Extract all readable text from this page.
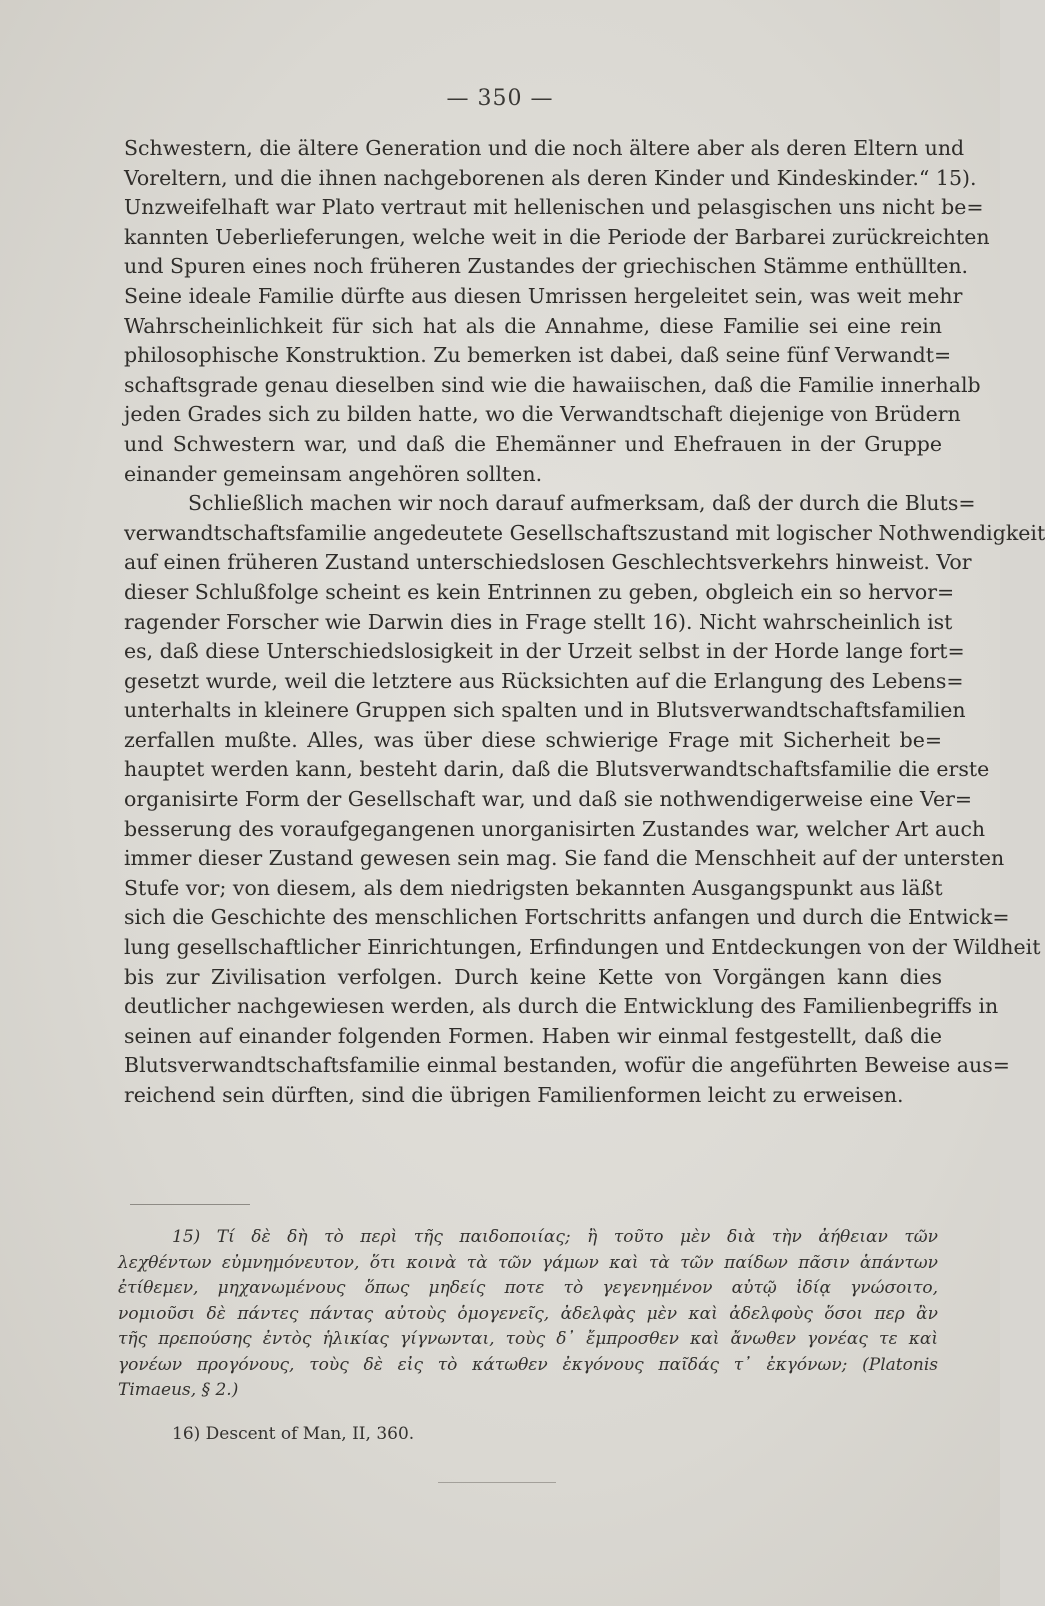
— 350 —
Schwestern, die ältere Generation und die noch ältere aber als deren Eltern und
Voreltern, und die ihnen nachgeborenen als deren Kinder und Kindeskinder.“ 15).
Unzweifelhaft war Plato vertraut mit hellenischen und pelasgischen uns nicht be=
kannten Ueberlieferungen, welche weit in die Periode der Barbarei zurückreichten
und Spuren eines noch früheren Zustandes der griechischen Stämme enthüllten.
Seine ideale Familie dürfte aus diesen Umrissen hergeleitet sein, was weit mehr
Wahrscheinlichkeit für sich hat als die Annahme, diese Familie sei eine rein
philosophische Konstruktion. Zu bemerken ist dabei, daß seine fünf Verwandt=
schaftsgrade genau dieselben sind wie die hawaiischen, daß die Familie innerhalb
jeden Grades sich zu bilden hatte, wo die Verwandtschaft diejenige von Brüdern
und Schwestern war, und daß die Ehemänner und Ehefrauen in der Gruppe
einander gemeinsam angehören sollten.
Schließlich machen wir noch darauf aufmerksam, daß der durch die Bluts=
verwandtschaftsfamilie angedeutete Gesellschaftszustand mit logischer Nothwendigkeit
auf einen früheren Zustand unterschiedslosen Geschlechtsverkehrs hinweist. Vor
dieser Schlußfolge scheint es kein Entrinnen zu geben, obgleich ein so hervor=
ragender Forscher wie Darwin dies in Frage stellt 16). Nicht wahrscheinlich ist
es, daß diese Unterschiedslosigkeit in der Urzeit selbst in der Horde lange fort=
gesetzt wurde, weil die letztere aus Rücksichten auf die Erlangung des Lebens=
unterhalts in kleinere Gruppen sich spalten und in Blutsverwandtschaftsfamilien
zerfallen mußte. Alles, was über diese schwierige Frage mit Sicherheit be=
hauptet werden kann, besteht darin, daß die Blutsverwandtschaftsfamilie die erste
organisirte Form der Gesellschaft war, und daß sie nothwendigerweise eine Ver=
besserung des voraufgegangenen unorganisirten Zustandes war, welcher Art auch
immer dieser Zustand gewesen sein mag. Sie fand die Menschheit auf der untersten
Stufe vor; von diesem, als dem niedrigsten bekannten Ausgangspunkt aus läßt
sich die Geschichte des menschlichen Fortschritts anfangen und durch die Entwick=
lung gesellschaftlicher Einrichtungen, Erfindungen und Entdeckungen von der Wildheit
bis zur Zivilisation verfolgen. Durch keine Kette von Vorgängen kann dies
deutlicher nachgewiesen werden, als durch die Entwicklung des Familienbegriffs in
seinen auf einander folgenden Formen. Haben wir einmal festgestellt, daß die
Blutsverwandtschaftsfamilie einmal bestanden, wofür die angeführten Beweise aus=
reichend sein dürften, sind die übrigen Familienformen leicht zu erweisen.
15) Τί δὲ δὴ τὸ περὶ τῆς παιδοποιίας; ἢ τοῦτο μὲν διὰ τὴν ἀήθειαν τῶν
λεχθέντων εὐμνημόνευτον, ὅτι κοινὰ τὰ τῶν γάμων καὶ τὰ τῶν παίδων πᾶσιν ἁπάντων
ἐτίθεμεν, μηχανωμένους ὅπως μηδείς ποτε τὸ γεγενημένον αὐτῷ ἰδίᾳ γνώσοιτο,
νομιοῦσι δὲ πάντες πάντας αὐτοὺς ὁμογενεῖς, ἀδελφὰς μὲν καὶ ἀδελφοὺς ὅσοι περ ἂν
τῆς πρεπούσης ἐντὸς ἡλικίας γίγνωνται, τοὺς δ᾿ ἔμπροσθεν καὶ ἄνωθεν γονέας τε καὶ
γονέων προγόνους, τοὺς δὲ εἰς τὸ κάτωθεν ἐκγόνους παῖδάς τ᾿ ἐκγόνων; (Platonis
Timaeus, § 2.)
16) Descent of Man, II, 360.
